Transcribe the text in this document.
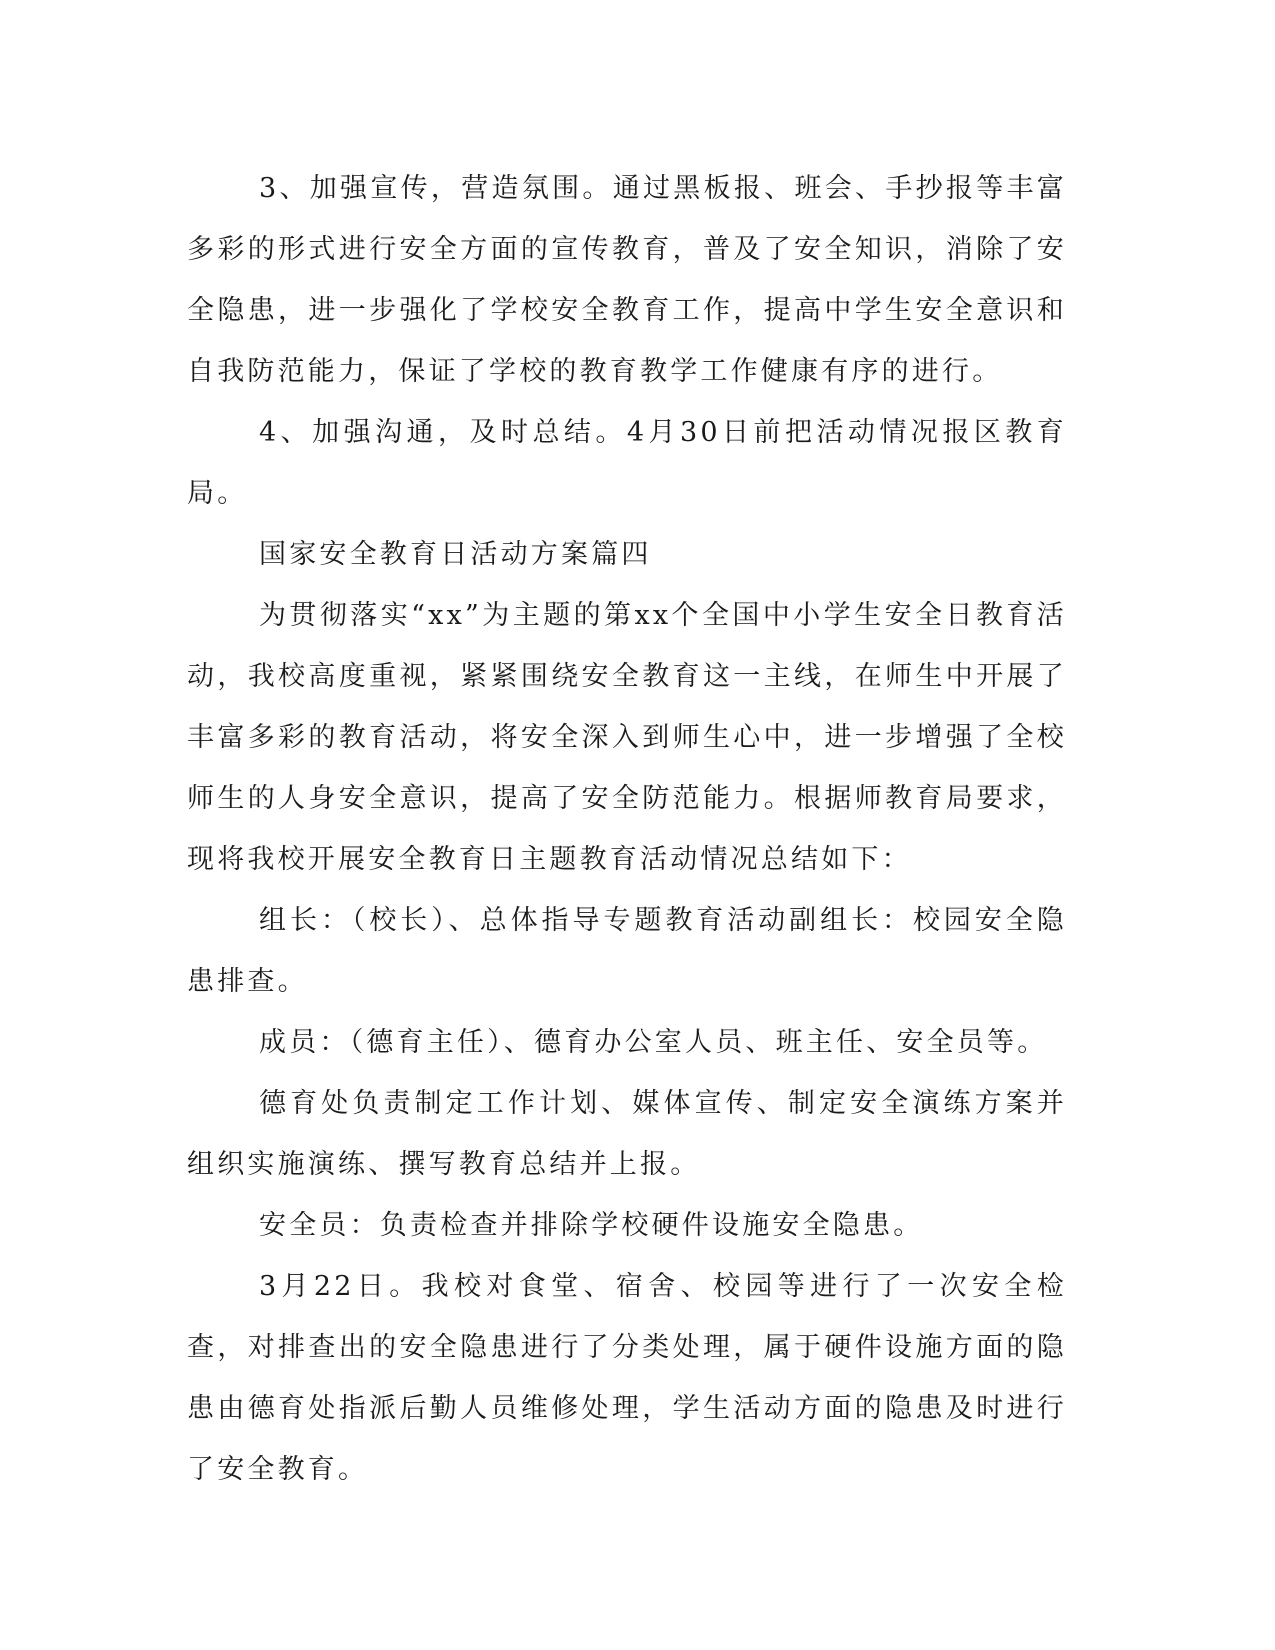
3、加强宣传，营造氛围。通过黑板报、班会、手抄报等丰富多彩的形式进行安全方面的宣传教育，普及了安全知识，消除了安全隐患，进一步强化了学校安全教育工作，提高中学生安全意识和自我防范能力，保证了学校的教育教学工作健康有序的进行。

4、加强沟通，及时总结。4月30日前把活动情况报区教育局。

国家安全教育日活动方案篇四

为贯彻落实“xx”为主题的第xx个全国中小学生安全日教育活动，我校高度重视，紧紧围绕安全教育这一主线，在师生中开展了丰富多彩的教育活动，将安全深入到师生心中，进一步增强了全校师生的人身安全意识，提高了安全防范能力。根据师教育局要求，现将我校开展安全教育日主题教育活动情况总结如下：

组长：（校长）、总体指导专题教育活动副组长：校园安全隐患排查。

成员：（德育主任）、德育办公室人员、班主任、安全员等。

德育处负责制定工作计划、媒体宣传、制定安全演练方案并组织实施演练、撰写教育总结并上报。

安全员：负责检查并排除学校硬件设施安全隐患。

3月22日。我校对食堂、宿舍、校园等进行了一次安全检查，对排查出的安全隐患进行了分类处理，属于硬件设施方面的隐患由德育处指派后勤人员维修处理，学生活动方面的隐患及时进行了安全教育。
